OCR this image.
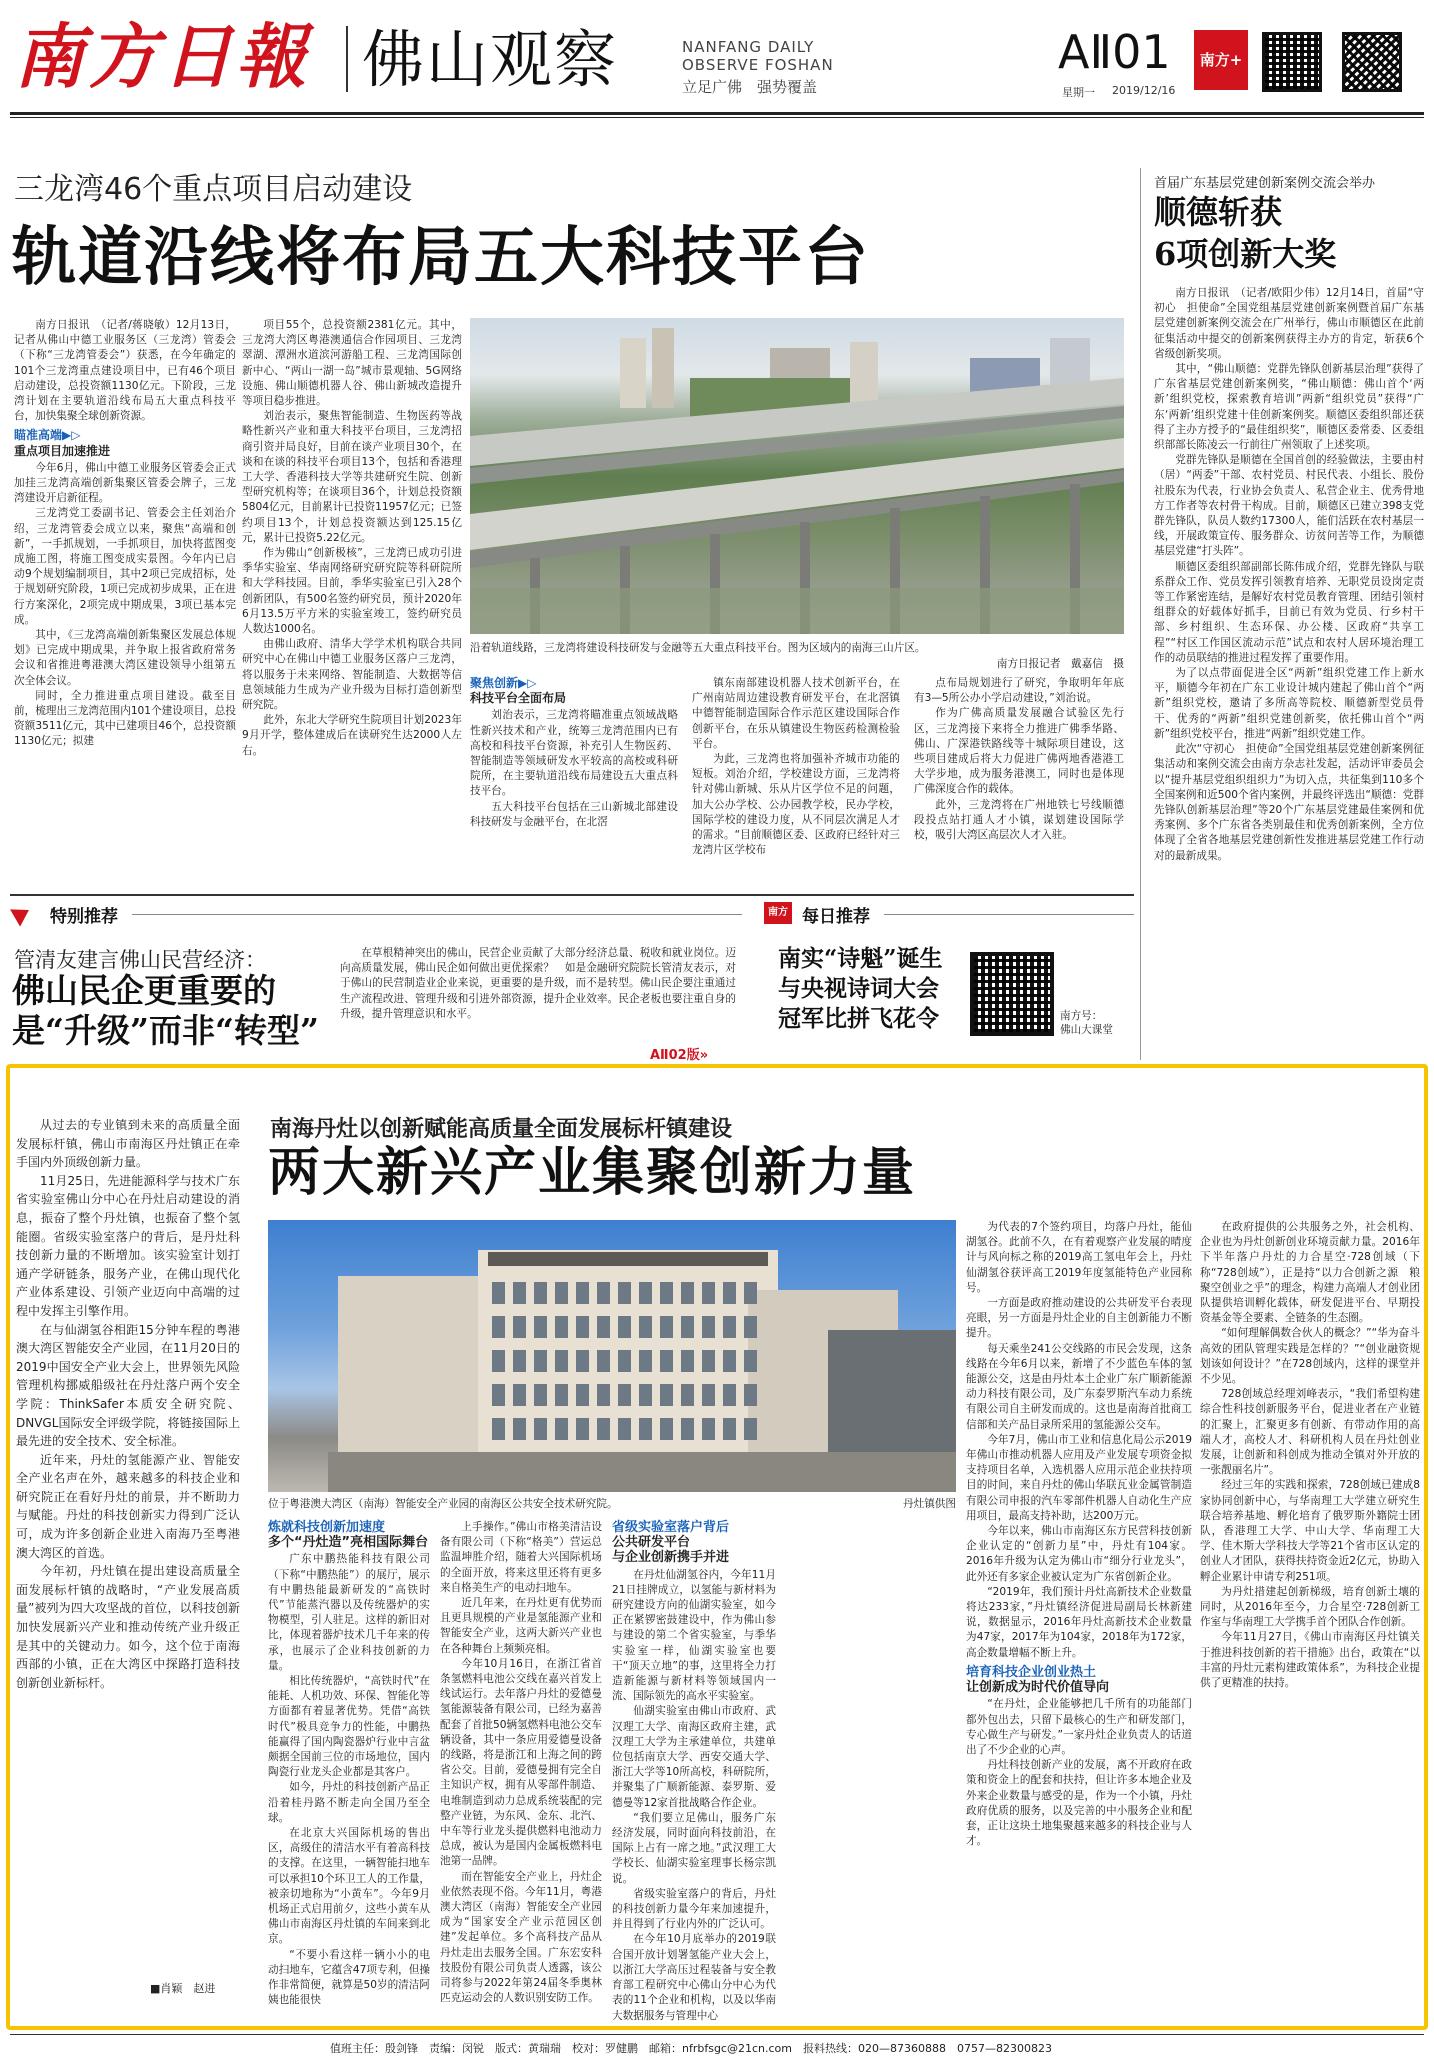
南方日報 佛山观察	NANFANG DAILY
OBSERVE FOSHAN
立足广佛　强势覆盖
AⅡ01
星期一 2019/12/16
南方+
三龙湾46个重点项目启动建设
轨道沿线将布局五大科技平台

南方日报讯　（记者/蒋晓敏）12月13日，记者从佛山中德工业服务区（三龙湾）管委会（下称“三龙湾管委会”）获悉，在今年确定的101个三龙湾重点建设项目中，已有46个项目启动建设，总投资额1130亿元。下阶段，三龙湾计划在主要轨道沿线布局五大重点科技平台，加快集聚全球创新资源。

瞄准高端▶▷
重点项目加速推进

今年6月，佛山中德工业服务区管委会正式加挂三龙湾高端创新集聚区管委会牌子，三龙湾建设开启新征程。

三龙湾党工委副书记、管委会主任刘治介绍，三龙湾管委会成立以来，聚焦“高端和创新”，一手抓规划，一手抓项目，加快将蓝图变成施工图，将施工图变成实景图。今年内已启动9个规划编制项目，其中2项已完成招标，处于规划研究阶段，1项已完成初步成果，正在进行方案深化，2项完成中期成果，3项已基本完成。

其中，《三龙湾高端创新集聚区发展总体规划》已完成中期成果，并争取上报省政府常务会议和省推进粤港澳大湾区建设领导小组第五次全体会议。

同时，全力推进重点项目建设。截至目前，梳理出三龙湾范围内101个建设项目，总投资额3511亿元，其中已建项目46个，总投资额1130亿元；拟建

项目55个，总投资额2381亿元。其中，三龙湾大湾区粤港澳通信合作园项目、三龙湾翠湖、潭洲水道滨河游船工程、三龙湾国际创新中心、“两山一湖一岛”城市景观轴、5G网络设施、佛山顺德机器人谷、佛山新城改造提升等项目稳步推进。

刘治表示，聚焦智能制造、生物医药等战略性新兴产业和重大科技平台项目，三龙湾招商引资并局良好，目前在谈产业项目30个，在谈和在谈的科技平台项目13个，包括和香港理工大学、香港科技大学等共建研究生院、创新型研究机构等；在谈项目36个，计划总投资额5804亿元，目前累计已投资11957亿元；已签约项目13个，计划总投资额达到125.15亿元，累计已投资5.22亿元。

作为佛山“创新极核”，三龙湾已成功引进季华实验室、华南网络研究研究院等科研院所和大学科技园。目前，季华实验室已引入28个创新团队，有500名签约研究员，预计2020年6月13.5万平方米的实验室竣工，签约研究员人数达1000名。

由佛山政府、清华大学学术机构联合共同研究中心在佛山中德工业服务区落户三龙湾，将以服务于未来网络、智能制造、大数据等信息领域能力生成为产业升级为目标打造创新型研究院。

此外，东北大学研究生院项目计划2023年9月开学，整体建成后在读研究生达2000人左右。

沿着轨道线路，三龙湾将建设科技研发与金融等五大重点科技平台。图为区域内的南海三山片区。
南方日报记者　戴嘉信　摄
聚焦创新▶▷
科技平台全面布局

刘治表示，三龙湾将瞄准重点领域战略性新兴技术和产业，统筹三龙湾范围内已有高校和科技平台资源，补充引人生物医药、智能制造等领域研发水平较高的高校或科研院所，在主要轨道沿线布局建设五大重点科技平台。

五大科技平台包括在三山新城北部建设科技研发与金融平台，在北滘

镇东南部建设机器人技术创新平台，在广州南站周边建设教育研发平台，在北滘镇中德智能制造国际合作示范区建设国际合作创新平台，在乐从镇建设生物医药检测检验平台。

为此，三龙湾也将加强补齐城市功能的短板。刘治介绍，学校建设方面，三龙湾将针对佛山新城、乐从片区学位不足的问题，加大公办学校、公办园教学校，民办学校，国际学校的建设力度，从不同层次满足人才的需求。“目前顺德区委、区政府已经针对三龙湾片区学校布

点布局规划进行了研究，争取明年年底有3—5所公办小学启动建设，”刘治说。

作为广佛高质量发展融合试验区先行区，三龙湾接下来将全力推进广佛季华路、佛山、广深港铁路线等十城际项目建设，这些项目建成后将大力促进广佛两地香港港工大学步地，成为服务港澳工，同时也是体现广佛深度合作的载体。

此外，三龙湾将在广州地铁七号线顺德段投点站打通人才小镇，谋划建设国际学校，吸引大湾区高层次人才入驻。

首届广东基层党建创新案例交流会举办
顺德斩获
6项创新大奖

南方日报讯　（记者/欧阳少伟）12月14日，首届“守初心　担使命”全国党组基层党建创新案例暨首届广东基层党建创新案例交流会在广州举行，佛山市顺德区在此前征集活动中提交的创新案例获得主办方的肯定，斩获6个省级创新奖项。

其中，“佛山顺德：党群先锋队创新基层治理”获得了广东省基层党建创新案例奖，“佛山顺德：佛山首个‘两新’组织党校，探索教育培训”两新“组织党员”获得“广东‘两新’组织党建十佳创新案例奖。顺德区委组织部还获得了主办方授予的“最佳组织奖”，顺德区委常委、区委组织部部长陈凌云一行前往广州领取了上述奖项。

党群先锋队是顺德在全国首创的经验做法，主要由村（居）“两委”干部、农村党员、村民代表、小组长、股份社股东为代表，行业协会负责人、私营企业主、优秀骨地方工作者等农村骨干构成。目前，顺德区已建立398支党群先锋队，队员人数约17300人，能们活跃在农村基层一线，开展政策宣传、服务群众、访贫问苦等工作，为顺德基层党建“打头阵”。

顺德区委组织部副部长陈伟成介绍，党群先锋队与联系群众工作、党员发挥引领教育培养、无职党员设岗定责等工作紧密连结，是解好农村党员教育管理、团结引领村组群众的好载体好抓手，目前已有效为党员、行乡村干部、乡村组织、生态环保、办公楼、区政府“共享工程”“村区工作国区流动示范”试点和农村人居环境治理工作的动员联结的推进过程发挥了重要作用。

为了以点带面促进全区“两新”组织党建工作上新水平，顺德今年初在广东工业设计城内建起了佛山首个“两新”组织党校，邀请了多所高等院校、顺德新型党员骨干、优秀的“两新”组织党建创新奖，依托佛山首个“两新”组织党校平台，推进“两新”组织党建工作。

此次“守初心　担使命”全国党组基层党建创新案例征集活动和案例交流会由南方杂志社发起，活动评审委员会以“提升基层党组织组织力”为切入点，共征集到110多个全国案例和近500个省内案例，并最终评选出“顺德：党群先锋队创新基层治理”等20个广东基层党建最佳案例和优秀案例、多个广东省各类别最佳和优秀创新案例，全方位体现了全省各地基层党建创新性发推进基层党建工作行动对的最新成果。

特别推荐
管清友建言佛山民营经济：
佛山民企更重要的
是“升级”而非“转型”
在草根精神突出的佛山，民营企业贡献了大部分经济总量、税收和就业岗位。迈向高质量发展，佛山民企如何做出更优探索？　如是金融研究院院长管清友表示，对于佛山的民营制造业企业来说，更重要的是升级，而不是转型。佛山民企要注重通过生产流程改进、管理升级和引进外部资源，提升企业效率。民企老板也要注重自身的升级，提升管理意识和水平。
AⅡ02版»
南方+
每日推荐
南实“诗魁”诞生
与央视诗词大会
冠军比拼飞花令	南方号：
佛山大课堂

从过去的专业镇到未来的高质量全面发展标杆镇，佛山市南海区丹灶镇正在牵手国内外顶级创新力量。

11月25日，先进能源科学与技术广东省实验室佛山分中心在丹灶启动建设的消息，振奋了整个丹灶镇，也振奋了整个氢能圈。省级实验室落户的背后，是丹灶科技创新力量的不断增加。该实验室计划打通产学研链条，服务产业，在佛山现代化产业体系建设、引领产业迈向中高端的过程中发挥主引擎作用。

在与仙湖氢谷相距15分钟车程的粤港澳大湾区智能安全产业园，在11月20日的2019中国安全产业大会上，世界领先风险管理机构挪威船级社在丹灶落户两个安全学院：ThinkSafer本质安全研究院、DNVGL国际安全评级学院，将链接国际上最先进的安全技术、安全标准。

近年来，丹灶的氢能源产业、智能安全产业名声在外，越来越多的科技企业和研究院正在看好丹灶的前景，并不断助力与赋能。丹灶的科技创新实力得到广泛认可，成为许多创新企业进入南海乃至粤港澳大湾区的首选。

今年初，丹灶镇在提出建设高质量全面发展标杆镇的战略时，“产业发展高质量”被列为四大攻坚战的首位，以科技创新加快发展新兴产业和推动传统产业升级正是其中的关键动力。如今，这个位于南海西部的小镇，正在大湾区中探路打造科技创新创业新标杆。

■肖颖　赵进
南海丹灶以创新赋能高质量全面发展标杆镇建设
两大新兴产业集聚创新力量
位于粤港澳大湾区（南海）智能安全产业园的南海区公共安全技术研究院。	丹灶镇供图
炼就科技创新加速度
多个“丹灶造”亮相国际舞台

广东中鹏热能科技有限公司（下称“中鹏热能”）的展厅，展示有中鹏热能最新研发的“高铁时代”节能蒸汽器以及传统器炉的实物模型，引人驻足。这样的新旧对比，体现着器炉技术几千年来的传承，也展示了企业科技创新的力量。

相比传统器炉，“高铁时代”在能耗、人机功效、环保、智能化等方面都有着显著优势。凭借“高铁时代”极具竞争力的性能，中鹏热能赢得了国内陶瓷器炉行业中言盆颇据全国前三位的市场地位，国内陶瓷行业龙头企业都是其客户。

如今，丹灶的科技创新产品正沿着桂丹路不断走向全国乃至全球。

在北京大兴国际机场的售出区，高级住的清洁水平有着高科技的支撑。在这里，一辆智能扫地车可以承担10个环卫工人的工作量，被亲切地称为“小黄车”。今年9月机场正式启用前夕，这些小黄车从佛山市南海区丹灶镇的车间来到北京。

“不要小看这样一辆小小的电动扫地车，它蕴含47项专利，但操作非常简便，就算是50岁的清洁阿姨也能很快

上手操作。”佛山市格美清洁设备有限公司（下称“格美”）营运总监温坤胜介绍，随着大兴国际机场的全面开放，将来这里还将有更多来自格美生产的电动扫地车。

近几年来，在丹灶更有优势而且更具规模的产业是氢能源产业和智能安全产业，这两大新兴产业也在各种舞台上频频亮相。

今年10月16日，在浙江省首条氢燃料电池公交线在嘉兴首发上线试运行。去年落户丹灶的爱德曼氢能源装备有限公司，已经为嘉善配套了首批50辆氢燃料电池公交车辆设备，其中一条应用爱德曼设备的线路，将是浙江和上海之间的跨省公交。目前，爱德曼拥有完全自主知识产权，拥有从零部件制造、电堆制造到动力总成系统装配的完整产业链，为东风、金东、北汽、中车等行业龙头提供燃料电池动力总成，被认为是国内金属板燃料电池第一品牌。

而在智能安全产业上，丹灶企业依然表现不俗。今年11月，粤港澳大湾区（南海）智能安全产业园成为“国家安全产业示范园区创建”发起单位。多个高科技产品从丹灶走出去服务全国。广东宏安科技股份有限公司负责人透露，该公司将参与2022年第24届冬季奥林匹克运动会的人数识别安防工作。

省级实验室落户背后
公共研发平台
与企业创新携手并进

在丹灶仙湖氢谷内，今年11月21日挂牌成立，以氢能与新材料为研究建设方向的仙湖实验室，如今正在紧锣密鼓建设中，作为佛山参与建设的第二个省实验室，与季华实验室一样，仙湖实验室也要干“顶天立地”的事，这里将全力打造新能源与新材料等领域国内一流、国际领先的高水平实验室。

仙湖实验室由佛山市政府、武汉理工大学、南海区政府主建，武汉理工大学为主承建单位，共建单位包括南京大学、西安交通大学、浙江大学等10所高校，科研院所，并聚集了广顺新能源、泰罗斯、爱德曼等12家首批战略合作企业。

“我们要立足佛山，服务广东经济发展，同时面向科技前沿，在国际上占有一席之地。”武汉理工大学校长、仙湖实验室理事长杨宗凯说。

省级实验室落户的背后，丹灶的科技创新力量今年来加速提升，并且得到了行业内外的广泛认可。

在今年10月底举办的2019联合国开放计划署氢能产业大会上，以浙江大学高压过程装备与安全教育部工程研究中心佛山分中心为代表的11个企业和机构，以及以华南大数据服务与管理中心

为代表的7个签约项目，均落户丹灶，能仙湖氢谷。此前不久，在有着观察产业发展的晴度计与风向标之称的2019高工氢电年会上，丹灶仙湖氢谷获评高工2019年度氢能特色产业园称号。

一方面是政府推动建设的公共研发平台表现亮眼，另一方面是丹灶企业的自主创新能力不断提升。

每天乘坐241公交线路的市民会发现，这条线路在今年6月以来，新增了不少蓝色车体的氢能源公交，这是由丹灶本土企业广东广顺新能源动力科技有限公司，及广东泰罗斯汽车动力系统有限公司自主研发而成的。这也是南海首批商工信部和关产品目录所采用的氢能源公交车。

今年7月，佛山市工业和信息化局公示2019年佛山市推动机器人应用及产业发展专项资金拟支持项目名单，入选机器人应用示范企业扶持项目的时间，来自丹灶的佛山华联瓦业金属管制造有限公司申报的汽车零部件机器人自动化生产应用项目，最高支持补助，达200万元。

今年以来，佛山市南海区东方民营科技创新企业认定的“创新力星”中，丹灶有104家。2016年升级为认定为佛山市“细分行业龙头”，此外还有多家企业被认定为广东省创新企业。

“2019年，我们预计丹灶高新技术企业数量将达233家，”丹灶镇经济促进局副局长林新建说，数据显示，2016年丹灶高新技术企业数量为47家，2017年为104家，2018年为172家，高企数量增幅不断上升。

培育科技企业创业热土
让创新成为时代价值导向

“在丹灶，企业能够把几千所有的功能部门都外包出去，只留下最核心的生产和研发部门，专心做生产与研发。”一家丹灶企业负责人的话道出了不少企业的心声。

丹灶科技创新产业的发展，离不开政府在政策和资金上的配套和扶持，但让许多本地企业及外来企业数量与感受的是，作为一个小镇，丹灶政府优质的服务，以及完善的中小服务企业和配套，正让这块土地集聚越来越多的科技企业与人才。

在政府提供的公共服务之外，社会机构、企业也为丹灶创新创业环境贡献力量。2016年下半年落户丹灶的力合星空·728创域（下称“728创域”），正是持“以力合创新之源　粮聚空创业之乎”的理念，构建力高端人才创业团队提供培训孵化载体，研发促进平台、早期投资基金等全要素、全链条的生态圈。

“如何理解偶数合伙人的概念？”“华为奋斗高效的团队管理实践是怎样的？”“创业融资规划该如何设计？”在728创域内，这样的课堂并不少见。

728创域总经理刘峰表示，“我们希望构建综合性科技创新服务平台，促进业者在产业链的汇聚上，汇聚更多有创新、有带动作用的高端人才，高校人才、科研机构人员在丹灶创业发展，让创新和科创成为推动全镇对外开放的一张靓丽名片”。

经过三年的实践和探索，728创域已建成8家协同创新中心，与华南理工大学建立研究生联合培养基地、孵化培育了俄罗斯外籍院士团队，香港理工大学、中山大学、华南理工大学、佳木斯大学科技大学等21个省市区认定的创业人才团队，获得扶持资金近2亿元，协助入孵企业累计申请专利251项。

为丹灶措建起创新梯级，培育创新土壤的同时，从2016年至今，力合星空·728创新工作室与华南理工大学携手首个团队合作创新。

今年11月27日，《佛山市南海区丹灶镇关于推进科技创新的若干措施》出台，政策在“以丰富的丹灶元素构建政策体系”，为科技企业提供了更精准的扶持。

值班主任：殷剑锋　责编：闵锐　版式：黄瑞瑞　校对：罗健鹏　邮箱：nfrbfsgc@21cn.com　报料热线：020—87360888　0757—82300823
